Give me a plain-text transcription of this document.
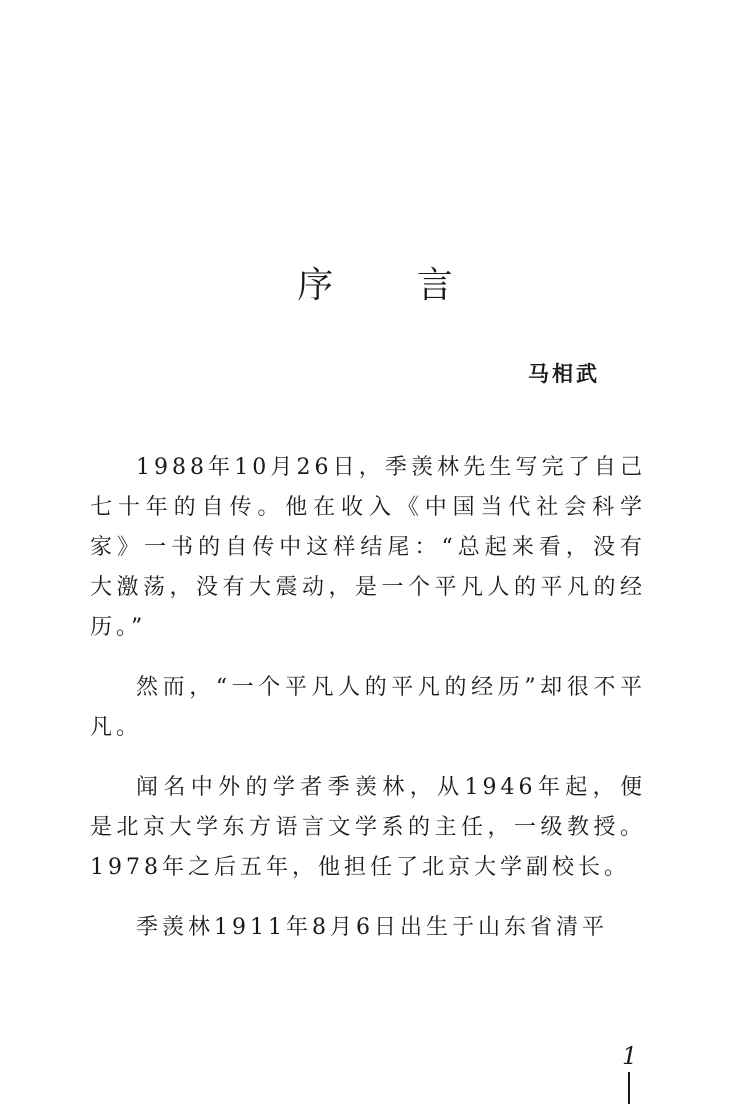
序 言
马相武

1988年10月26日，季羡林先生写完了自己七十年的自传。他在收入《中国当代社会科学家》一书的自传中这样结尾：“总起来看，没有大激荡，没有大震动，是一个平凡人的平凡的经历。”

然而，“一个平凡人的平凡的经历”却很不平凡。

闻名中外的学者季羡林，从1946年起，便是北京大学东方语言文学系的主任，一级教授。1978年之后五年，他担任了北京大学副校长。

季羡林1911年8月6日出生于山东省清平

1
